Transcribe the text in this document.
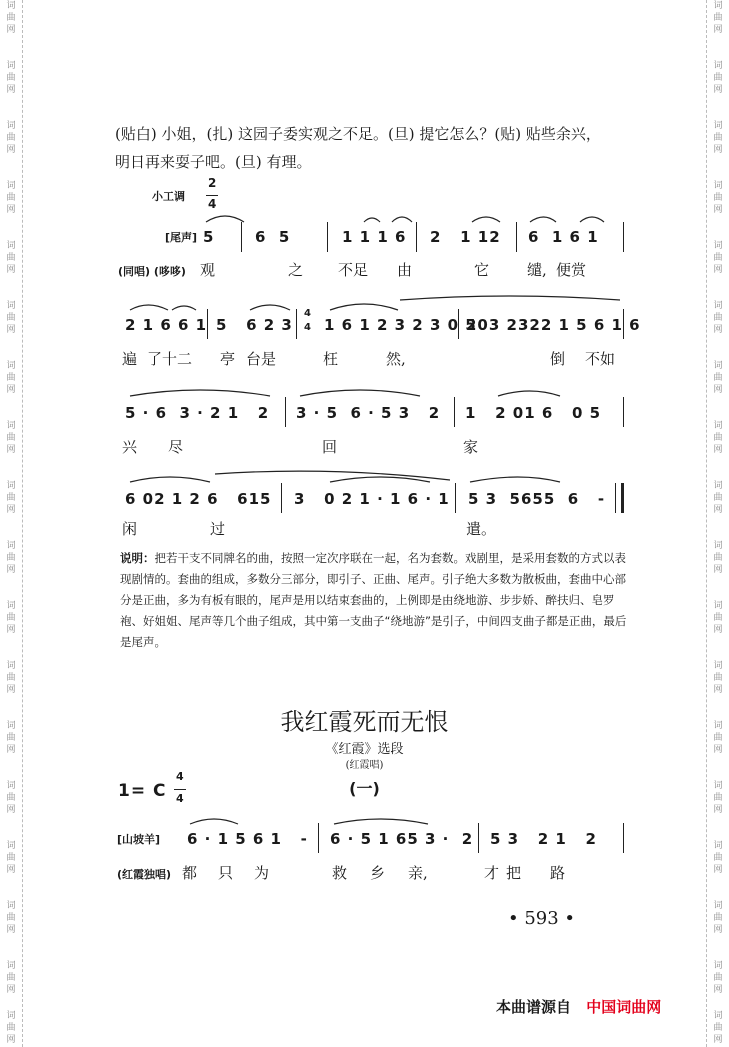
词
曲
网
词
曲
网
词
曲
网
词
曲
网
词
曲
网
词
曲
网
词
曲
网
词
曲
网
词
曲
网
词
曲
网
词
曲
网
词
曲
网
词
曲
网
词
曲
网
词
曲
网
词
曲
网
词
曲
网
词
曲
网
词
曲
网
词
曲
网
词
曲
网
词
曲
网
词
曲
网
词
曲
网
词
曲
网
词
曲
网
词
曲
网
词
曲
网
词
曲
网
词
曲
网
词
曲
网
词
曲
网
词
曲
网
词
曲
网
词
曲
网
词
曲
网
(贴白) 小姐，(扎) 这园子委实观之不足。(旦) 提它怎么？(贴) 贴些余兴，
明日再来耍子吧。(旦) 有理。
小工调
2
4
[尾声] 5	6  5	1 1 1 6 2   1 12 6  1 6 1
(同唱) (哆哆) 观	之 不足 由	它	缱, 便赏
2 1 6 6 1 5   6 2 3
4
4 1 6 1 2 3 2 3 0 5
203 2322 1 5 6 1 6
遍 了十二 亭 台是	枉	然,	倒 不如
5 · 6  3 · 2 1   2 3 · 5  6 · 5 3   2 1   2 01 6   0 5
兴 尽	回	家
6 02 1 2 6   615 3   0 2 1 · 1 6 · 1 5 3  5655  6   -
闲	过	遣。
说明：把若干支不同牌名的曲，按照一定次序联在一起，名为套数。戏剧里，是采用套数的方式以表现剧情的。套曲的组成，多数分三部分，即引子、正曲、尾声。引子绝大多数为散板曲，套曲中心部分是正曲，多为有板有眼的，尾声是用以结束套曲的，上例即是由绕地游、步步娇、醉扶归、皂罗袍、好姐姐、尾声等几个曲子组成，其中第一支曲子“绕地游”是引子，中间四支曲子都是正曲，最后是尾声。
我红霞死而无恨
《红霞》选段
(红霞唱)
(一)
1= C
4
4
[山坡羊] 6 · 1 5 6 1   - 6 · 5 1 65 3 ·  2 5 3   2 1   2
(红霞独唱) 都 只 为	救 乡 亲,	才 把 路
• 593 •
本曲谱源自 中国词曲网
